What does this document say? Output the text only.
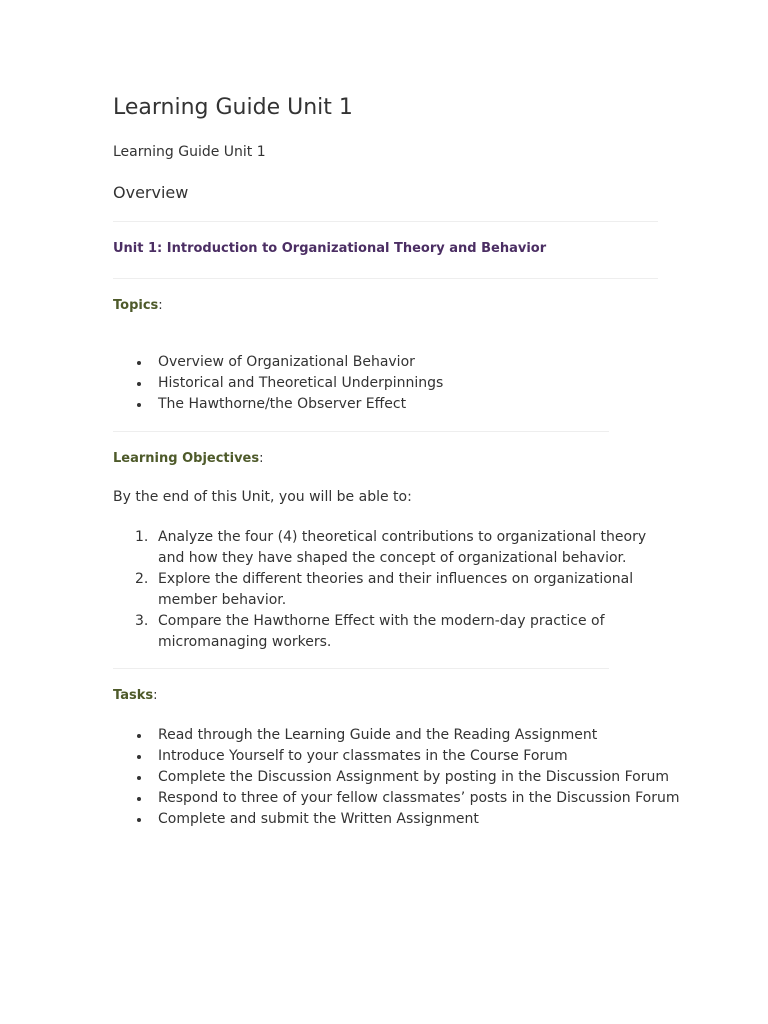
Learning Guide Unit 1
Learning Guide Unit 1
Overview
Unit 1: Introduction to Organizational Theory and Behavior
Topics:
Overview of Organizational Behavior
Historical and Theoretical Underpinnings
The Hawthorne/the Observer Effect
Learning Objectives:
By the end of this Unit, you will be able to:
1. Analyze the four (4) theoretical contributions to organizational theory and how they have shaped the concept of organizational behavior.
2. Explore the different theories and their influences on organizational member behavior.
3. Compare the Hawthorne Effect with the modern-day practice of micromanaging workers.
Tasks:
Read through the Learning Guide and the Reading Assignment
Introduce Yourself to your classmates in the Course Forum
Complete the Discussion Assignment by posting in the Discussion Forum
Respond to three of your fellow classmates’ posts in the Discussion Forum
Complete and submit the Written Assignment
